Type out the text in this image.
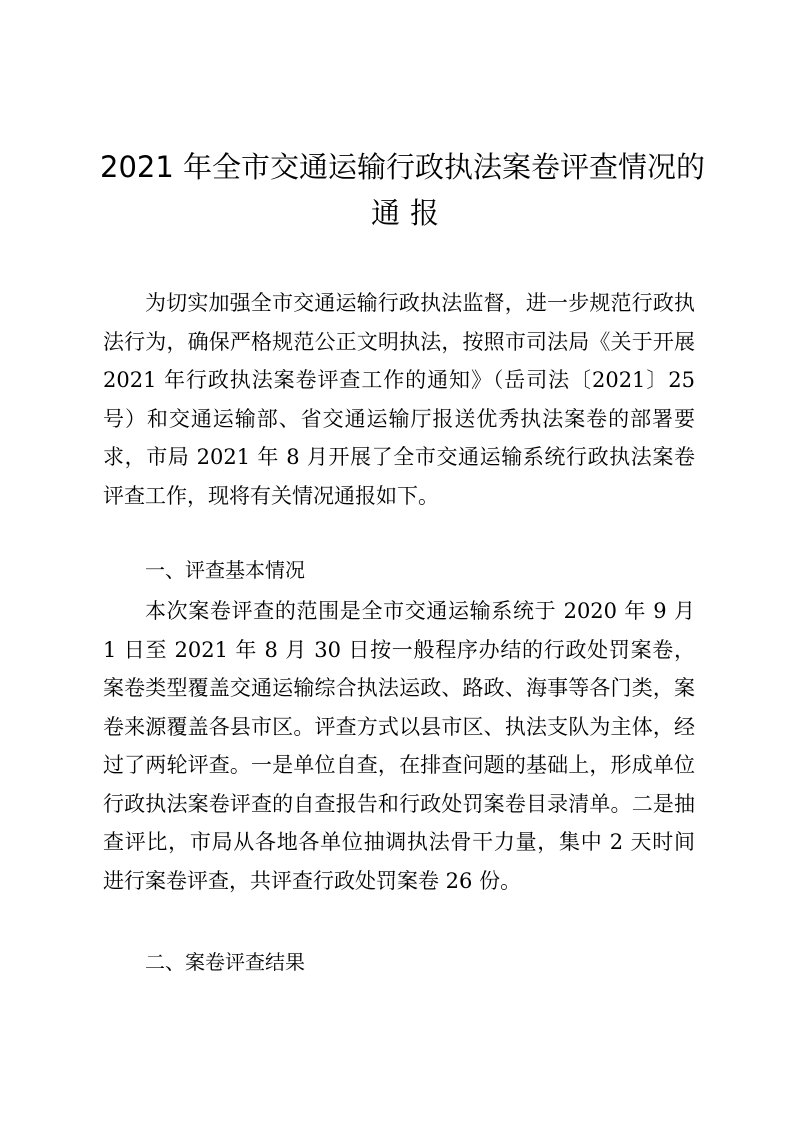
2021 年全市交通运输行政执法案卷评查情况的
通报

为切实加强全市交通运输行政执法监督，进一步规范行政执法行为，确保严格规范公正文明执法，按照市司法局《关于开展 2021 年行政执法案卷评查工作的通知》（岳司法〔2021〕25 号）和交通运输部、省交通运输厅报送优秀执法案卷的部署要求，市局 2021 年 8 月开展了全市交通运输系统行政执法案卷评查工作，现将有关情况通报如下。

一、评查基本情况

本次案卷评查的范围是全市交通运输系统于 2020 年 9 月 1 日至 2021 年 8 月 30 日按一般程序办结的行政处罚案卷，案卷类型覆盖交通运输综合执法运政、路政、海事等各门类，案卷来源覆盖各县市区。评查方式以县市区、执法支队为主体，经过了两轮评查。一是单位自查，在排查问题的基础上，形成单位行政执法案卷评查的自查报告和行政处罚案卷目录清单。二是抽查评比，市局从各地各单位抽调执法骨干力量，集中 2 天时间进行案卷评查，共评查行政处罚案卷 26 份。

二、案卷评查结果
